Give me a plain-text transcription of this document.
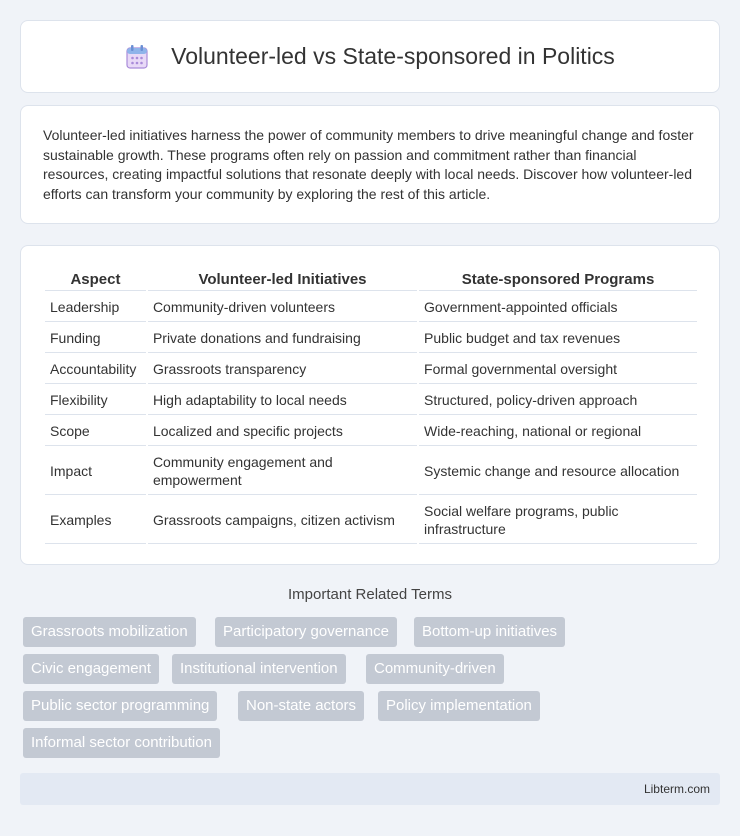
Volunteer-led vs State-sponsored in Politics

Volunteer-led initiatives harness the power of community members to drive meaningful change and foster sustainable growth. These programs often rely on passion and commitment rather than financial resources, creating impactful solutions that resonate deeply with local needs. Discover how volunteer-led efforts can transform your community by exploring the rest of this article.

Aspect	Volunteer-led Initiatives	State-sponsored Programs
Leadership	Community-driven volunteers	Government-appointed officials
Funding	Private donations and fundraising	Public budget and tax revenues
Accountability	Grassroots transparency	Formal governmental oversight
Flexibility	High adaptability to local needs	Structured, policy-driven approach
Scope	Localized and specific projects	Wide-reaching, national or regional
Impact	Community engagement and empowerment	Systemic change and resource allocation
Examples	Grassroots campaigns, citizen activism	Social welfare programs, public infrastructure
Important Related Terms
Grassroots mobilization	Participatory governance	Bottom-up initiatives
Civic engagement	Institutional intervention	Community-driven
Public sector programming	Non-state actors	Policy implementation
Informal sector contribution
Libterm.com
